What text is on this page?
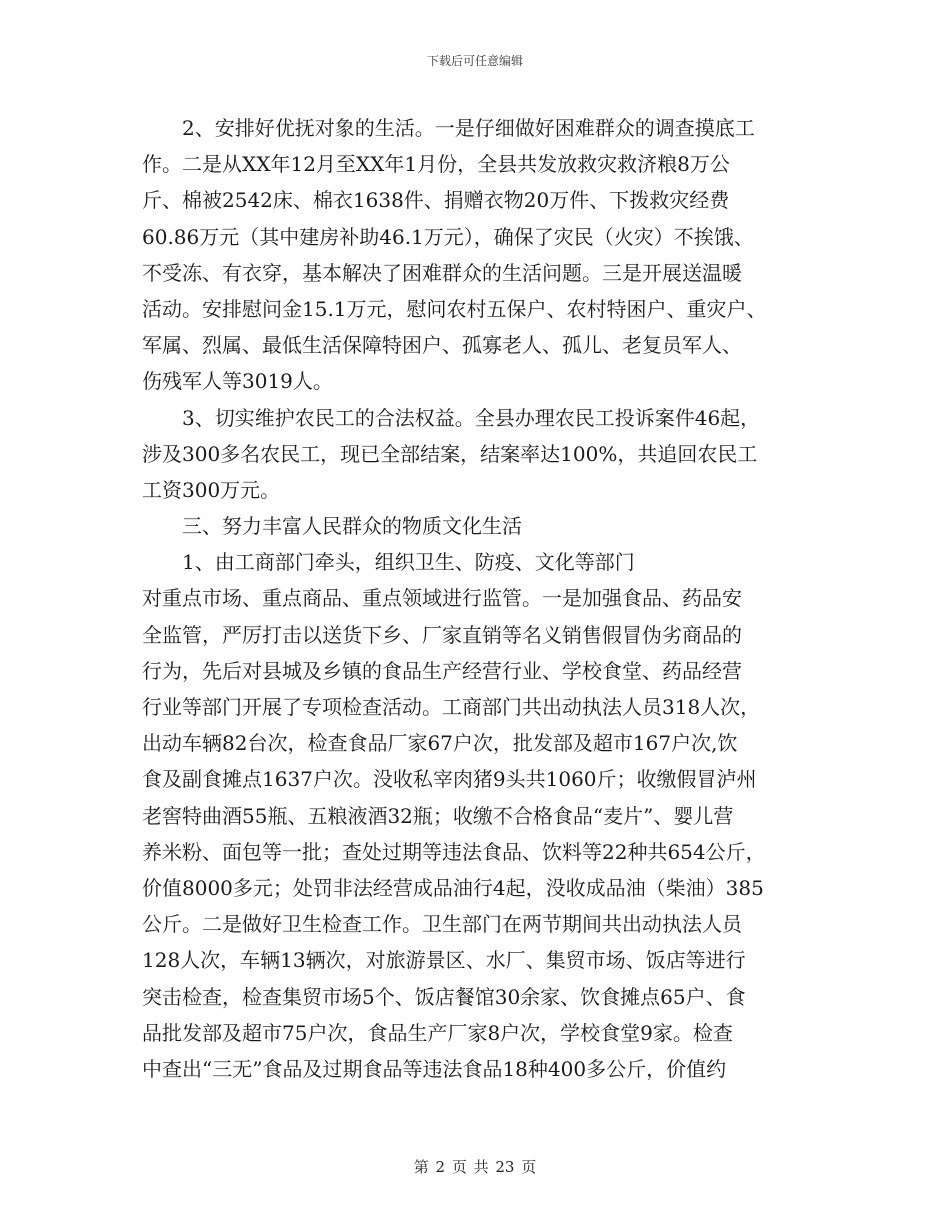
下载后可任意编辑
2、安排好优抚对象的生活。一是仔细做好困难群众的调查摸底工
作。二是从XX年12月至XX年1月份，全县共发放救灾救济粮8万公
斤、棉被2542床、棉衣1638件、捐赠衣物20万件、下拨救灾经费
60.86万元（其中建房补助46.1万元），确保了灾民（火灾）不挨饿、
不受冻、有衣穿，基本解决了困难群众的生活问题。三是开展送温暖
活动。安排慰问金15.1万元，慰问农村五保户、农村特困户、重灾户、
军属、烈属、最低生活保障特困户、孤寡老人、孤儿、老复员军人、
伤残军人等3019人。
3、切实维护农民工的合法权益。全县办理农民工投诉案件46起，
涉及300多名农民工，现已全部结案，结案率达100%，共追回农民工
工资300万元。
三、努力丰富人民群众的物质文化生活
1、由工商部门牵头，组织卫生、防疫、文化等部门
对重点市场、重点商品、重点领域进行监管。一是加强食品、药品安
全监管，严厉打击以送货下乡、厂家直销等名义销售假冒伪劣商品的
行为，先后对县城及乡镇的食品生产经营行业、学校食堂、药品经营
行业等部门开展了专项检查活动。工商部门共出动执法人员318人次，
出动车辆82台次，检查食品厂家67户次，批发部及超市167户次,饮
食及副食摊点1637户次。没收私宰肉猪9头共1060斤；收缴假冒泸州
老窖特曲酒55瓶、五粮液酒32瓶；收缴不合格食品“麦片”、婴儿营
养米粉、面包等一批；查处过期等违法食品、饮料等22种共654公斤，
价值8000多元；处罚非法经营成品油行4起，没收成品油（柴油）385
公斤。二是做好卫生检查工作。卫生部门在两节期间共出动执法人员
128人次，车辆13辆次，对旅游景区、水厂、集贸市场、饭店等进行
突击检查，检查集贸市场5个、饭店餐馆30余家、饮食摊点65户、食
品批发部及超市75户次，食品生产厂家8户次，学校食堂9家。检查
中查出“三无”食品及过期食品等违法食品18种400多公斤，价值约
第 2 页 共 23 页
